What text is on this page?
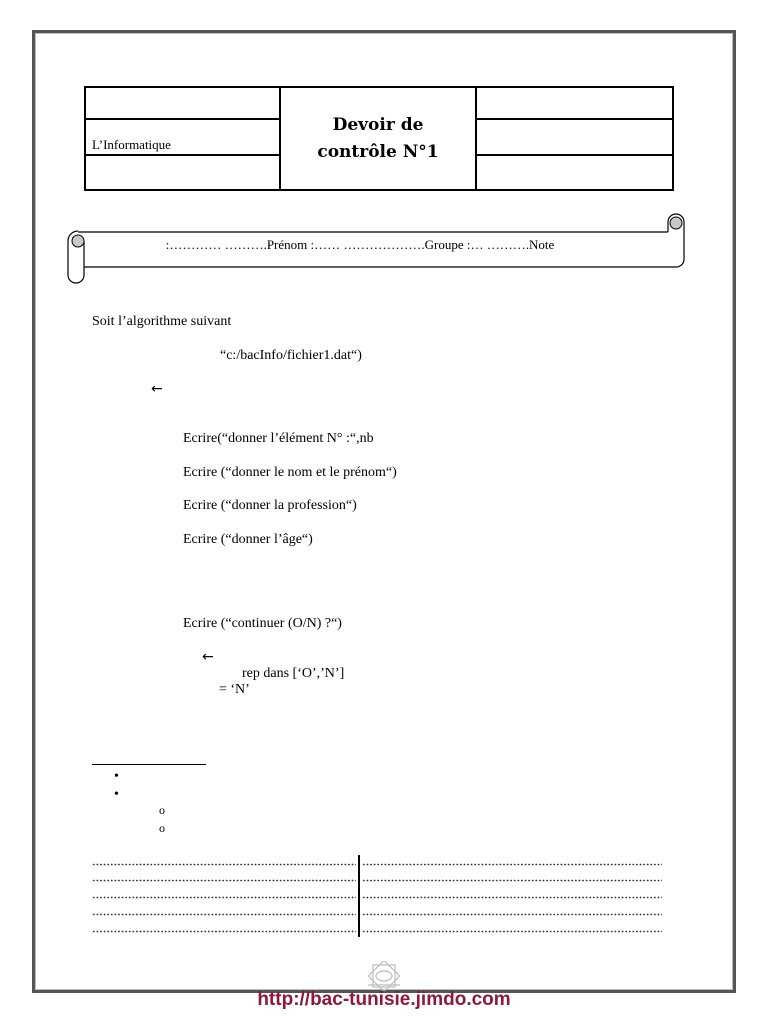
L’Informatique
Devoir de
contrôle N°1
:………… ……….Prénom :…… ……………….Groupe :… ……….Note
Soit l’algorithme suivant
“c:/bacInfo/fichier1.dat“)
←
Ecrire(“donner l’élément N° :“,nb
Ecrire (“donner le nom et le prénom“)
Ecrire (“donner la profession“)
Ecrire (“donner l’âge“)
Ecrire (“continuer (O/N) ?“)
←
rep dans [‘O’,’N’]
= ‘N’
•
•
o
o
http://bac-tunisie.jimdo.com
